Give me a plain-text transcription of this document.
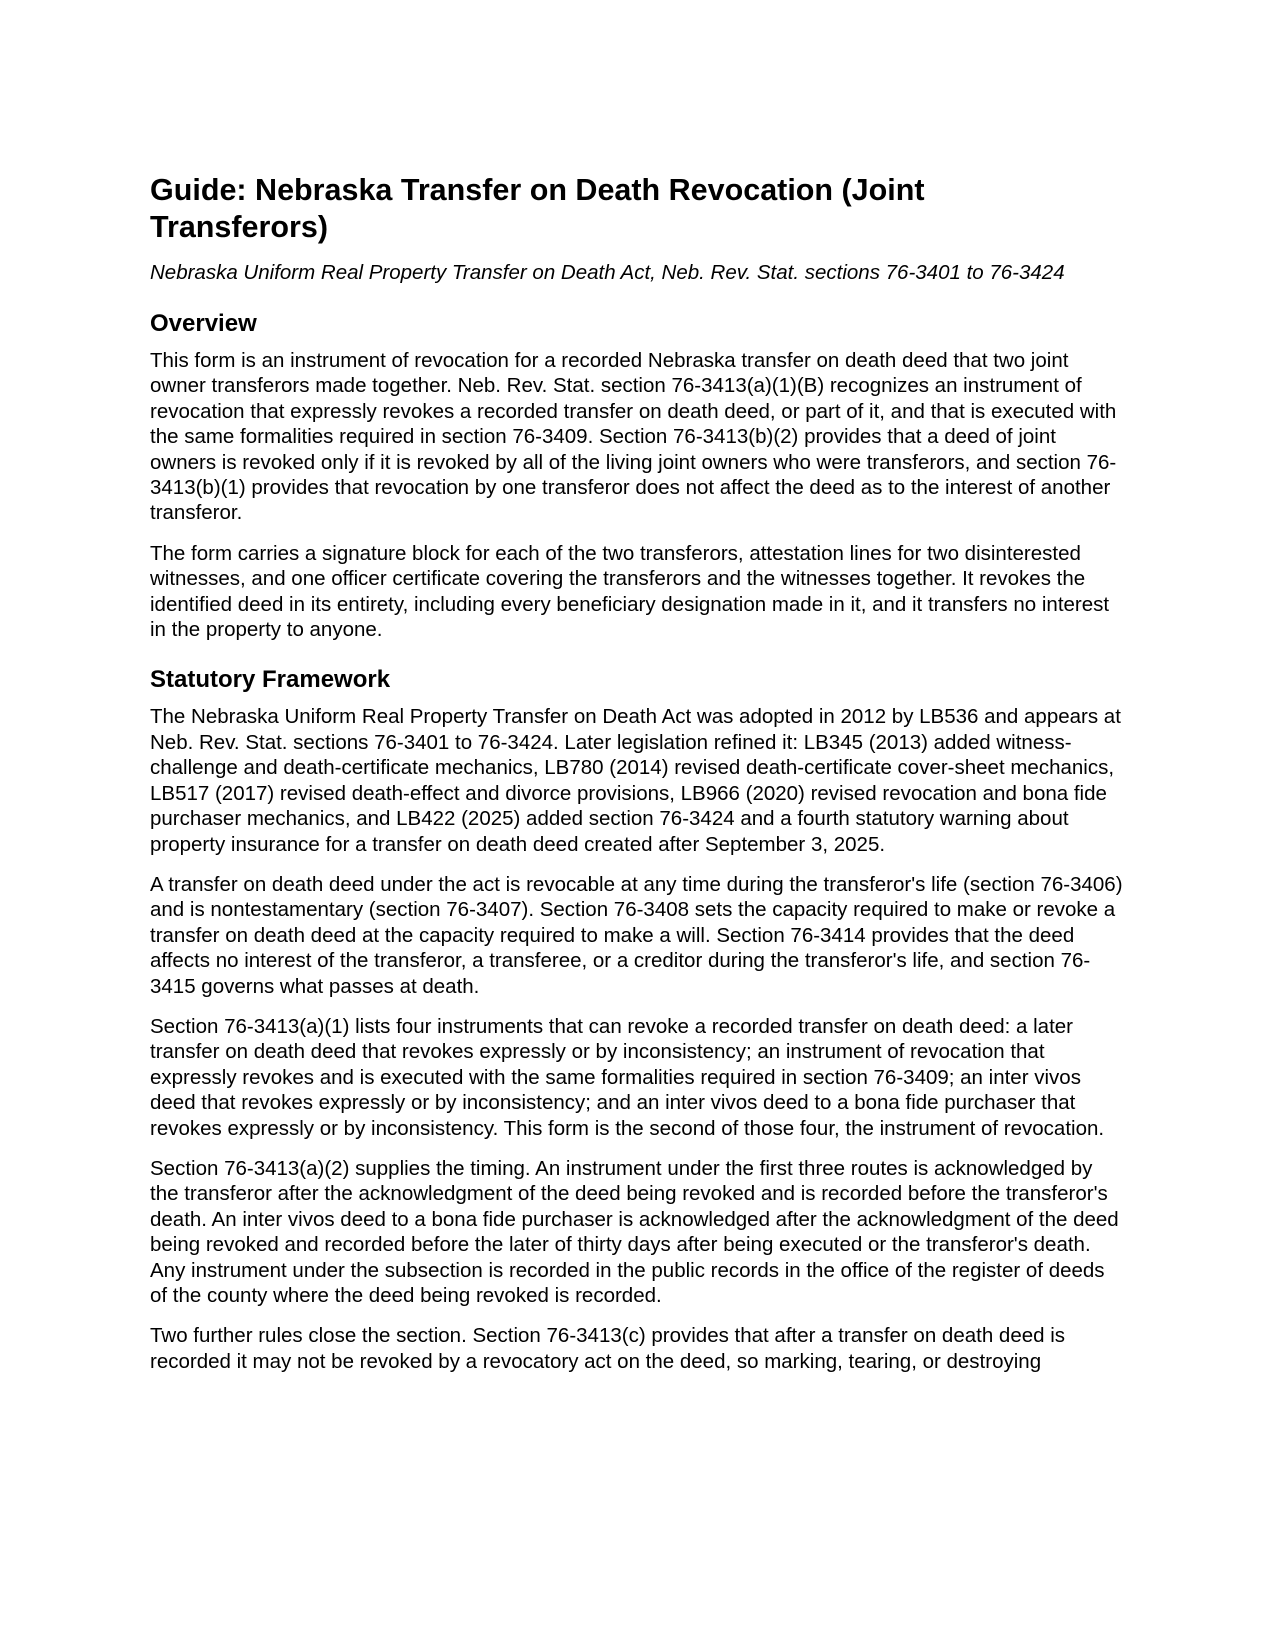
Guide: Nebraska Transfer on Death Revocation (Joint Transferors)

Nebraska Uniform Real Property Transfer on Death Act, Neb. Rev. Stat. sections 76-3401 to 76-3424

Overview

This form is an instrument of revocation for a recorded Nebraska transfer on death deed that two joint owner transferors made together. Neb. Rev. Stat. section 76-3413(a)(1)(B) recognizes an instrument of revocation that expressly revokes a recorded transfer on death deed, or part of it, and that is executed with the same formalities required in section 76-3409. Section 76-3413(b)(2) provides that a deed of joint owners is revoked only if it is revoked by all of the living joint owners who were transferors, and section 76-3413(b)(1) provides that revocation by one transferor does not affect the deed as to the interest of another transferor.

The form carries a signature block for each of the two transferors, attestation lines for two disinterested witnesses, and one officer certificate covering the transferors and the witnesses together. It revokes the identified deed in its entirety, including every beneficiary designation made in it, and it transfers no interest in the property to anyone.

Statutory Framework

The Nebraska Uniform Real Property Transfer on Death Act was adopted in 2012 by LB536 and appears at Neb. Rev. Stat. sections 76-3401 to 76-3424. Later legislation refined it: LB345 (2013) added witness-challenge and death-certificate mechanics, LB780 (2014) revised death-certificate cover-sheet mechanics, LB517 (2017) revised death-effect and divorce provisions, LB966 (2020) revised revocation and bona fide purchaser mechanics, and LB422 (2025) added section 76-3424 and a fourth statutory warning about property insurance for a transfer on death deed created after September 3, 2025.

A transfer on death deed under the act is revocable at any time during the transferor's life (section 76-3406) and is nontestamentary (section 76-3407). Section 76-3408 sets the capacity required to make or revoke a transfer on death deed at the capacity required to make a will. Section 76-3414 provides that the deed affects no interest of the transferor, a transferee, or a creditor during the transferor's life, and section 76-3415 governs what passes at death.

Section 76-3413(a)(1) lists four instruments that can revoke a recorded transfer on death deed: a later transfer on death deed that revokes expressly or by inconsistency; an instrument of revocation that expressly revokes and is executed with the same formalities required in section 76-3409; an inter vivos deed that revokes expressly or by inconsistency; and an inter vivos deed to a bona fide purchaser that revokes expressly or by inconsistency. This form is the second of those four, the instrument of revocation.

Section 76-3413(a)(2) supplies the timing. An instrument under the first three routes is acknowledged by the transferor after the acknowledgment of the deed being revoked and is recorded before the transferor's death. An inter vivos deed to a bona fide purchaser is acknowledged after the acknowledgment of the deed being revoked and recorded before the later of thirty days after being executed or the transferor's death. Any instrument under the subsection is recorded in the public records in the office of the register of deeds of the county where the deed being revoked is recorded.

Two further rules close the section. Section 76-3413(c) provides that after a transfer on death deed is recorded it may not be revoked by a revocatory act on the deed, so marking, tearing, or destroying
